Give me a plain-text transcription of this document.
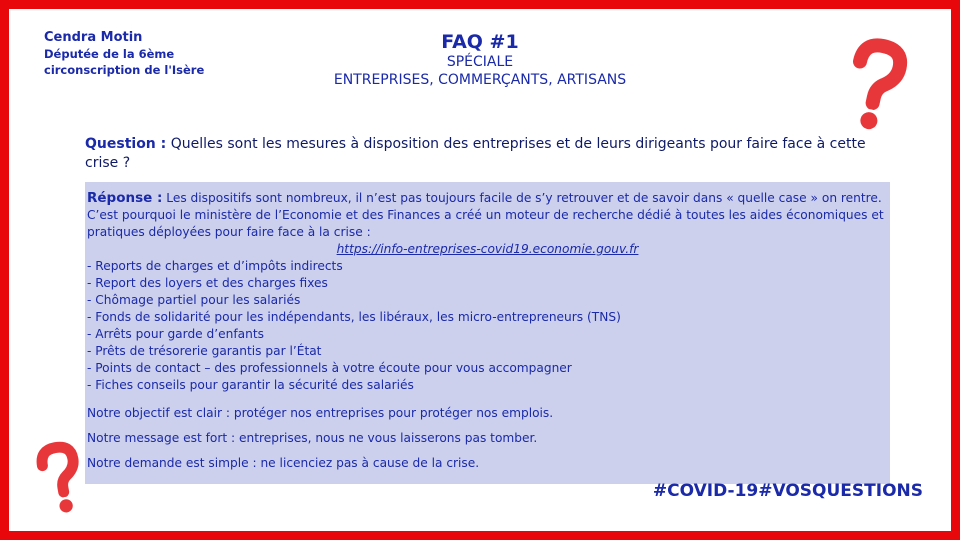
Cendra Motin
Députée de la 6ème
circonscription de l'Isère
FAQ #1
SPÉCIALE
ENTREPRISES, COMMERÇANTS, ARTISANS
Question : Quelles sont les mesures à disposition des entreprises et de leurs dirigeants pour faire face à cette crise ?
Réponse : Les dispositifs sont nombreux, il n’est pas toujours facile de s’y retrouver et de savoir dans « quelle case » on rentre. C’est pourquoi le ministère de l’Economie et des Finances a créé un moteur de recherche dédié à toutes les aides économiques et pratiques déployées pour faire face à la crise :
https://info-entreprises-covid19.economie.gouv.fr
- Reports de charges et d’impôts indirects
- Report des loyers et des charges fixes
- Chômage partiel pour les salariés
- Fonds de solidarité pour les indépendants, les libéraux, les micro-entrepreneurs (TNS)
- Arrêts pour garde d’enfants
- Prêts de trésorerie garantis par l’État
- Points de contact – des professionnels à votre écoute pour vous accompagner
- Fiches conseils pour garantir la sécurité des salariés

Notre objectif est clair : protéger nos entreprises pour protéger nos emplois.

Notre message est fort : entreprises, nous ne vous laisserons pas tomber.

Notre demande est simple : ne licenciez pas à cause de la crise.

#COVID-19#VOSQUESTIONS
